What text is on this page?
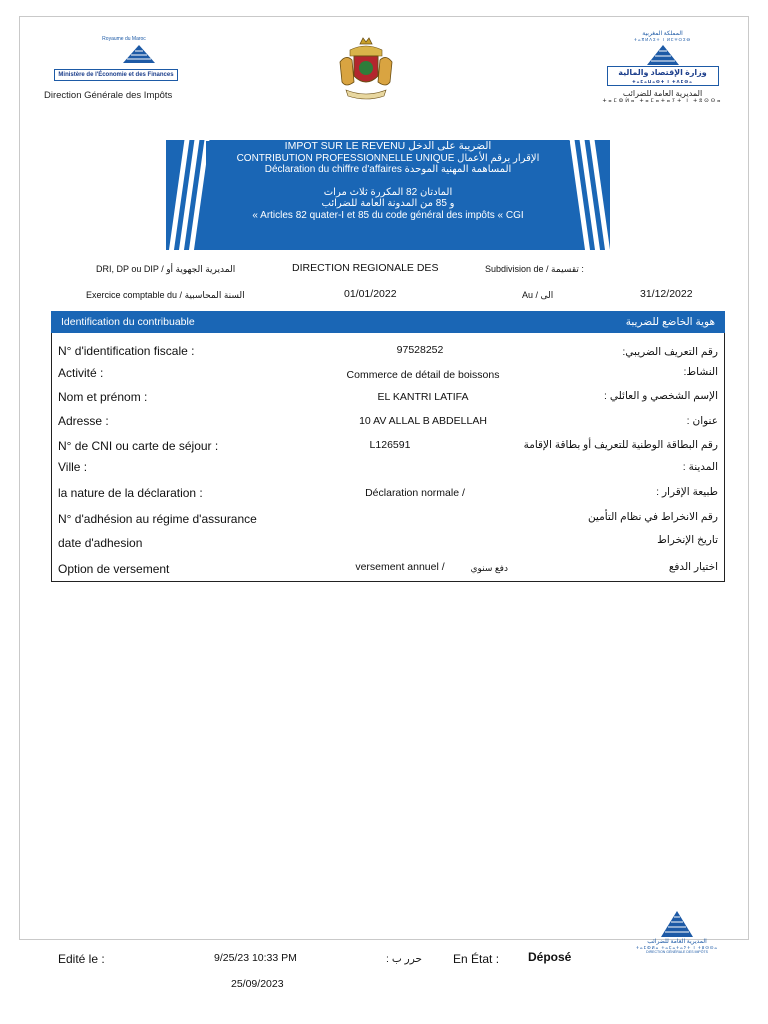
Royaume du Maroc
Ministère de l'Économie et des Finances
Direction Générale des Impôts
المملكة المغربية
ⵜⴰⴳⵍⴷⵉⵜ ⵏ ⵍⵎⵖⵔⵉⴱ
وزارة الإقتصاد والمالية
ⵜⴰⵎⴰⵡⴰⵙⵜ ⵏ ⵜⴷⵎⵙⴰ
المديرية العامة للضرائب
ⵜⴰⵎⵀⵍⴰ ⵜⴰⵎⴰⵜⴰⵢⵜ ⵏ ⵜⵓⵙⵙⴰ
IMPOT SUR LE REVENU الضريبة على الدخل
CONTRIBUTION PROFESSIONNELLE UNIQUE الإقرار برقم الأعمال
Déclaration du chiffre d'affaires المساهمة المهنية الموحدة
المادتان 82 المكررة ثلاث مرات
و 85 من المدونة العامة للضرائب
« Articles 82 quater-I et 85 du code général des impôts « CGI
DRI, DP ou DIP / المديرية الجهوية أو	DIRECTION REGIONALE DES	Subdivision de / تقسيمة :
Exercice comptable du / السنة المحاسبية	01/01/2022	Au / الى	31/12/2022
Identification du contribuable	هوية الخاضع للضريبة
N° d'identification fiscale :	97528252	رقم التعريف الضريبي:
Activité :	Commerce de détail de boissons	النشاط:
Nom et prénom :	EL KANTRI LATIFA	الإسم الشخصي و العائلي :
Adresse :	10 AV ALLAL B ABDELLAH	عنوان :
N° de CNI ou carte de séjour :	L126591	رقم البطاقة الوطنية للتعريف أو بطاقة الإقامة
Ville :	المدينة :
la nature de la déclaration :	Déclaration normale /	طبيعة الإقرار :
N° d'adhésion au régime d'assurance	رقم الانخراط في نظام التأمين
date d'adhesion	تاريخ الإنخراط
Option de versement	versement annuel /	دفع سنوي	اختيار الدفع
Edité le :	9/25/23 10:33 PM	حرر ب :	En État : Déposé
25/09/2023
المديرية العامة للضرائب
ⵜⴰⵎⵀⵍⴰ ⵜⴰⵎⴰⵜⴰⵢⵜ ⵏ ⵜⵓⵙⵙⴰ
DIRECTION GÉNÉRALE DES IMPÔTS
